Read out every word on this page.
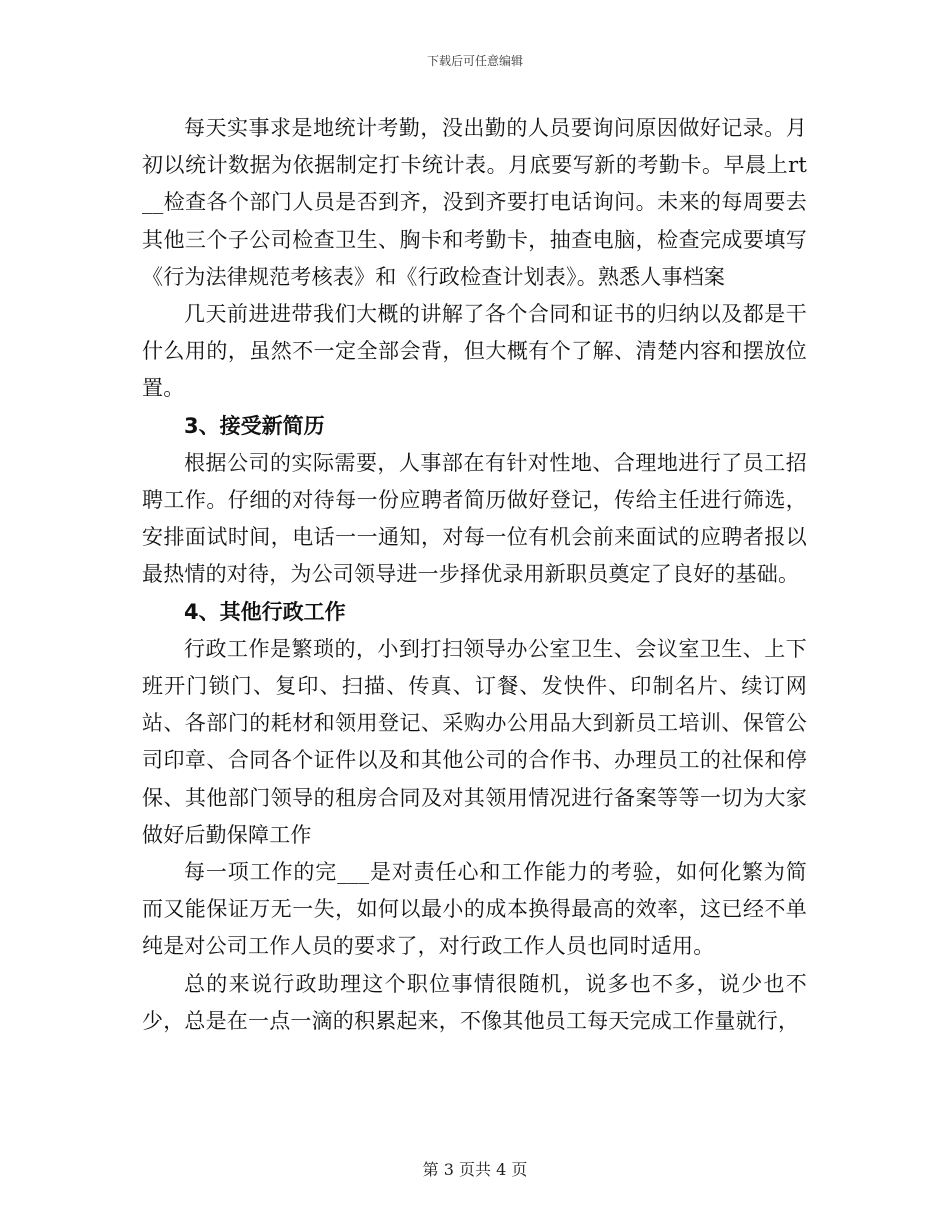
下载后可任意编辑

每天实事求是地统计考勤，没出勤的人员要询问原因做好记录。月初以统计数据为依据制定打卡统计表。月底要写新的考勤卡。早晨上rt__检查各个部门人员是否到齐，没到齐要打电话询问。未来的每周要去其他三个子公司检查卫生、胸卡和考勤卡，抽查电脑，检查完成要填写《行为法律规范考核表》和《行政检查计划表》。熟悉人事档案

几天前进进带我们大概的讲解了各个合同和证书的归纳以及都是干什么用的，虽然不一定全部会背，但大概有个了解、清楚内容和摆放位置。

3、接受新简历

根据公司的实际需要，人事部在有针对性地、合理地进行了员工招聘工作。仔细的对待每一份应聘者简历做好登记，传给主任进行筛选，安排面试时间，电话一一通知，对每一位有机会前来面试的应聘者报以最热情的对待，为公司领导进一步择优录用新职员奠定了良好的基础。

4、其他行政工作

行政工作是繁琐的，小到打扫领导办公室卫生、会议室卫生、上下班开门锁门、复印、扫描、传真、订餐、发快件、印制名片、续订网站、各部门的耗材和领用登记、采购办公用品大到新员工培训、保管公司印章、合同各个证件以及和其他公司的合作书、办理员工的社保和停保、其他部门领导的租房合同及对其领用情况进行备案等等一切为大家做好后勤保障工作

每一项工作的完___是对责任心和工作能力的考验，如何化繁为简而又能保证万无一失，如何以最小的成本换得最高的效率，这已经不单纯是对公司工作人员的要求了，对行政工作人员也同时适用。

总的来说行政助理这个职位事情很随机，说多也不多，说少也不少，总是在一点一滴的积累起来，不像其他员工每天完成工作量就行，

第 3 页共 4 页
